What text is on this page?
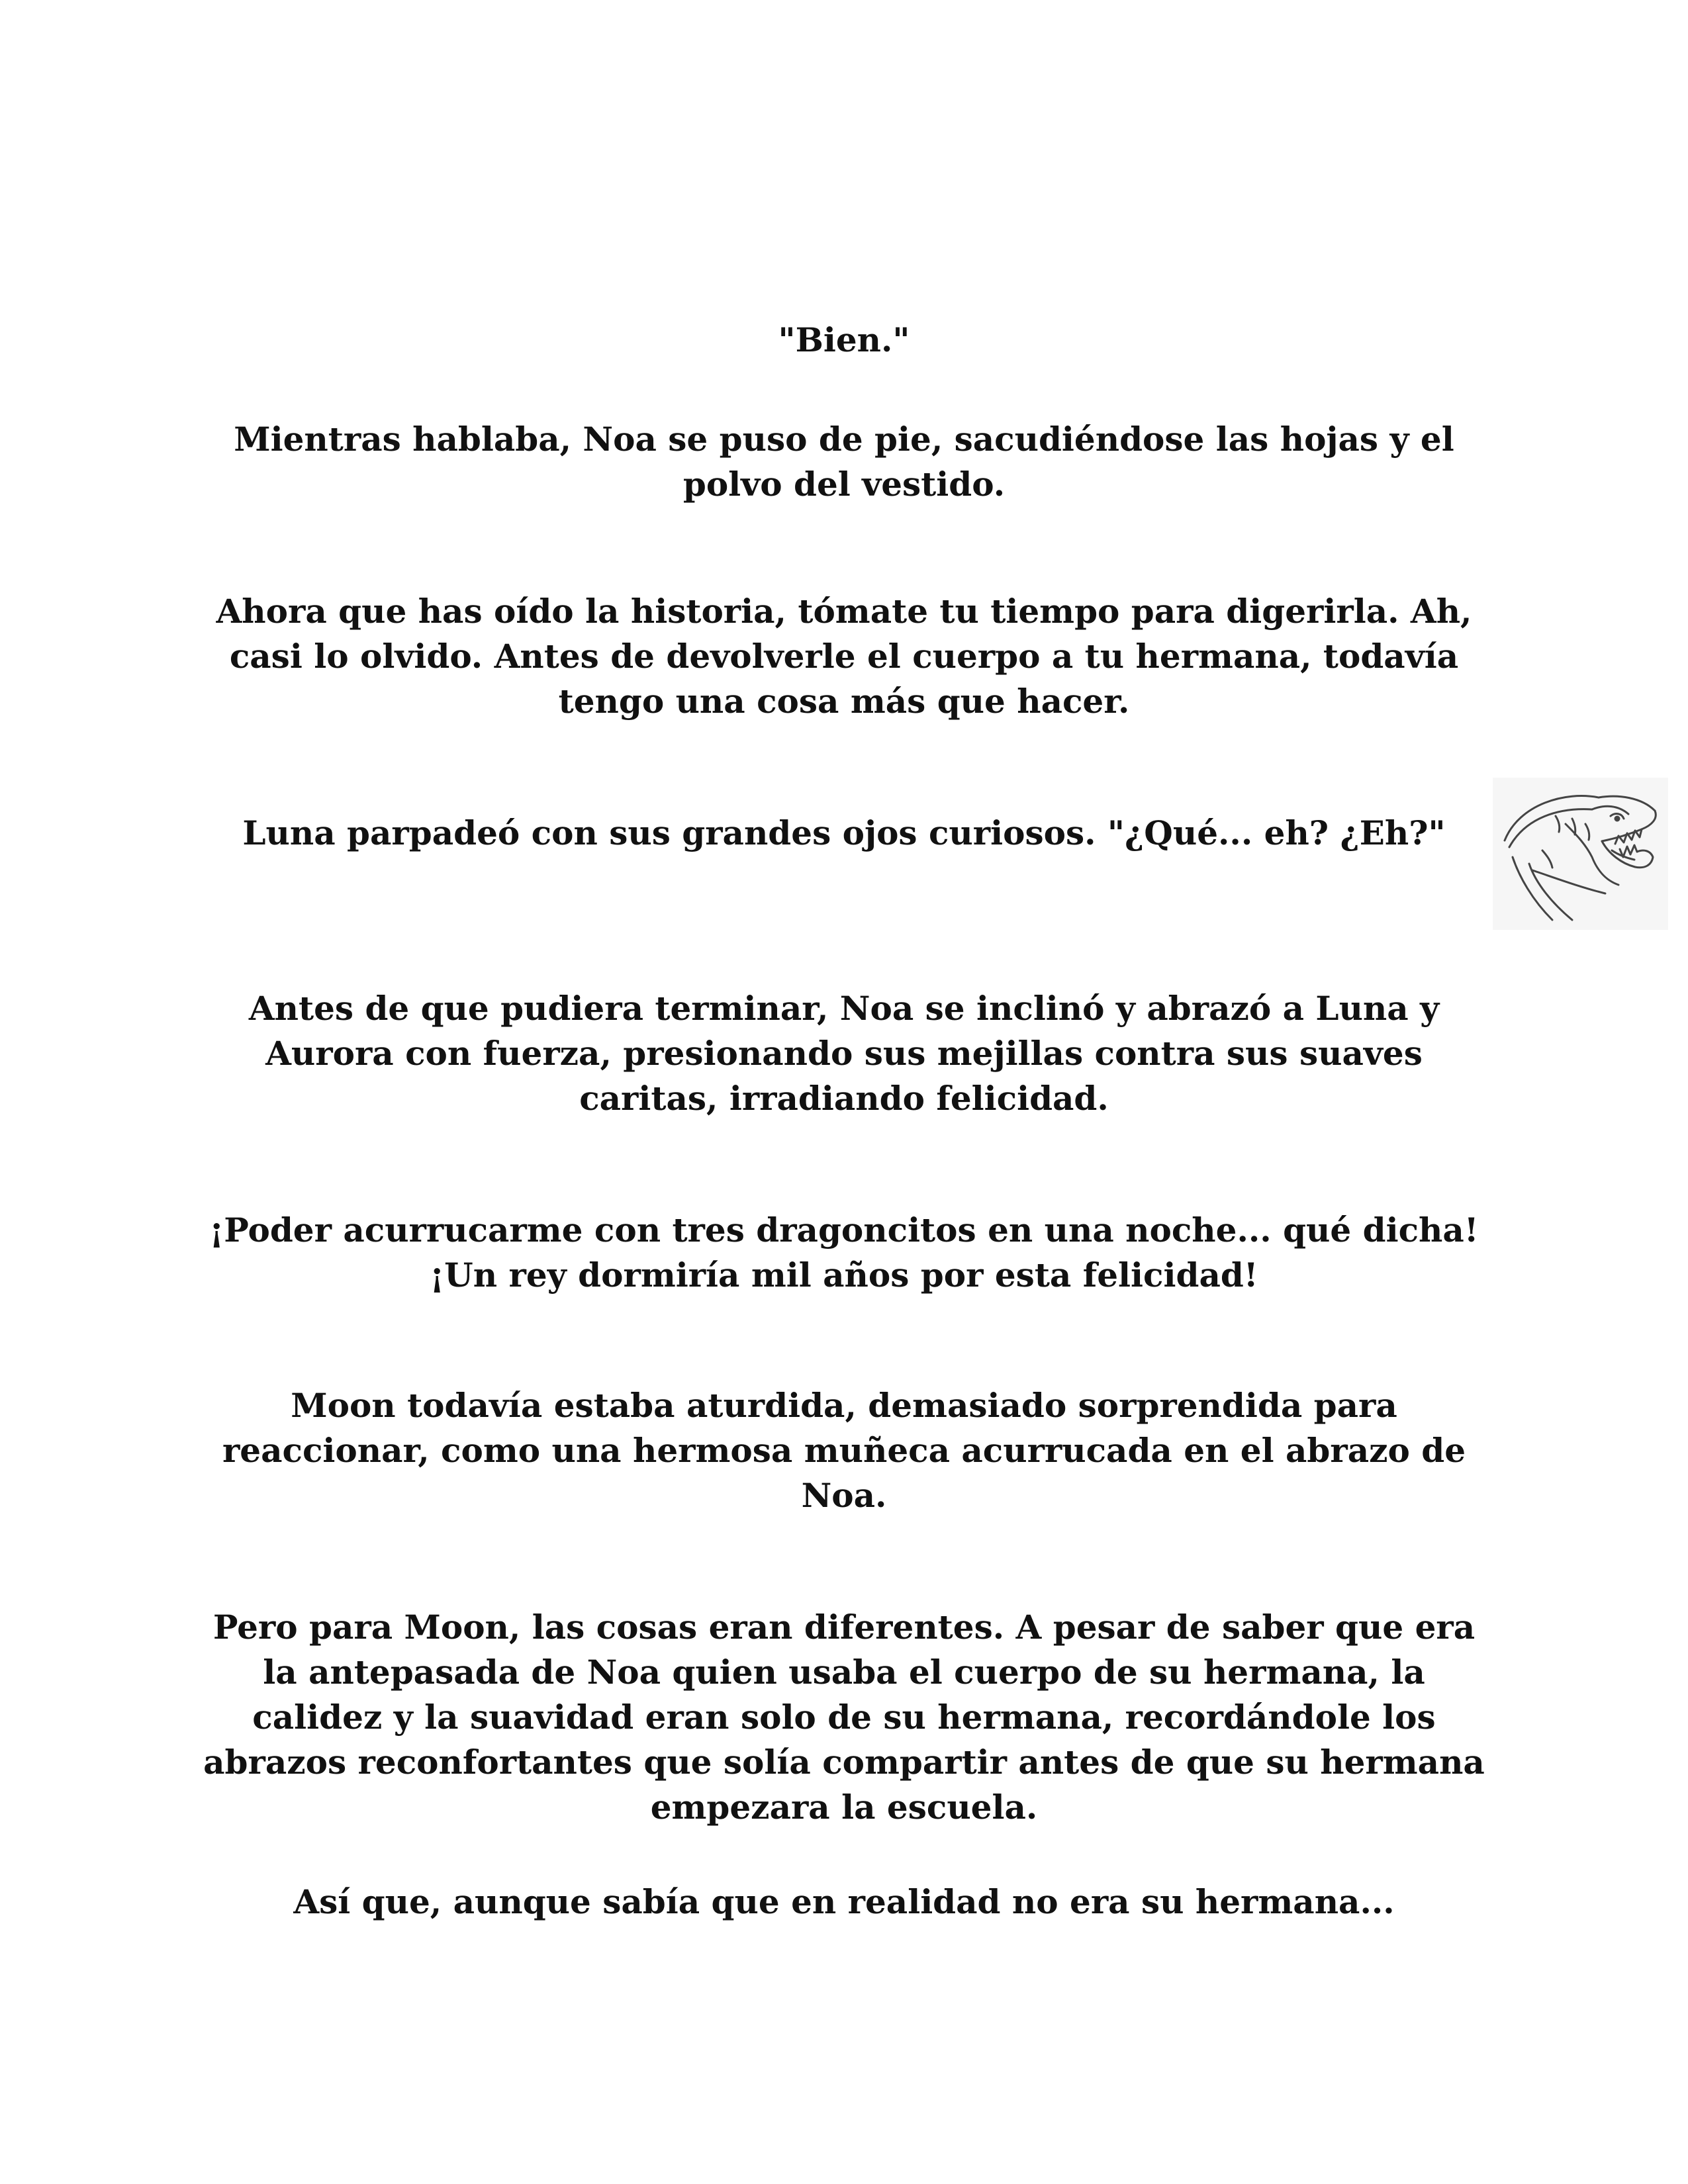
"Bien."

Mientras hablaba, Noa se puso de pie, sacudiéndose las hojas y el polvo del vestido.

Ahora que has oído la historia, tómate tu tiempo para digerirla. Ah, casi lo olvido. Antes de devolverle el cuerpo a tu hermana, todavía tengo una cosa más que hacer.

Luna parpadeó con sus grandes ojos curiosos. "¿Qué... eh? ¿Eh?"

Antes de que pudiera terminar, Noa se inclinó y abrazó a Luna y Aurora con fuerza, presionando sus mejillas contra sus suaves caritas, irradiando felicidad.

¡Poder acurrucarme con tres dragoncitos en una noche... qué dicha! ¡Un rey dormiría mil años por esta felicidad!

Moon todavía estaba aturdida, demasiado sorprendida para reaccionar, como una hermosa muñeca acurrucada en el abrazo de Noa.

Pero para Moon, las cosas eran diferentes. A pesar de saber que era la antepasada de Noa quien usaba el cuerpo de su hermana, la calidez y la suavidad eran solo de su hermana, recordándole los abrazos reconfortantes que solía compartir antes de que su hermana empezara la escuela.

Así que, aunque sabía que en realidad no era su hermana...
